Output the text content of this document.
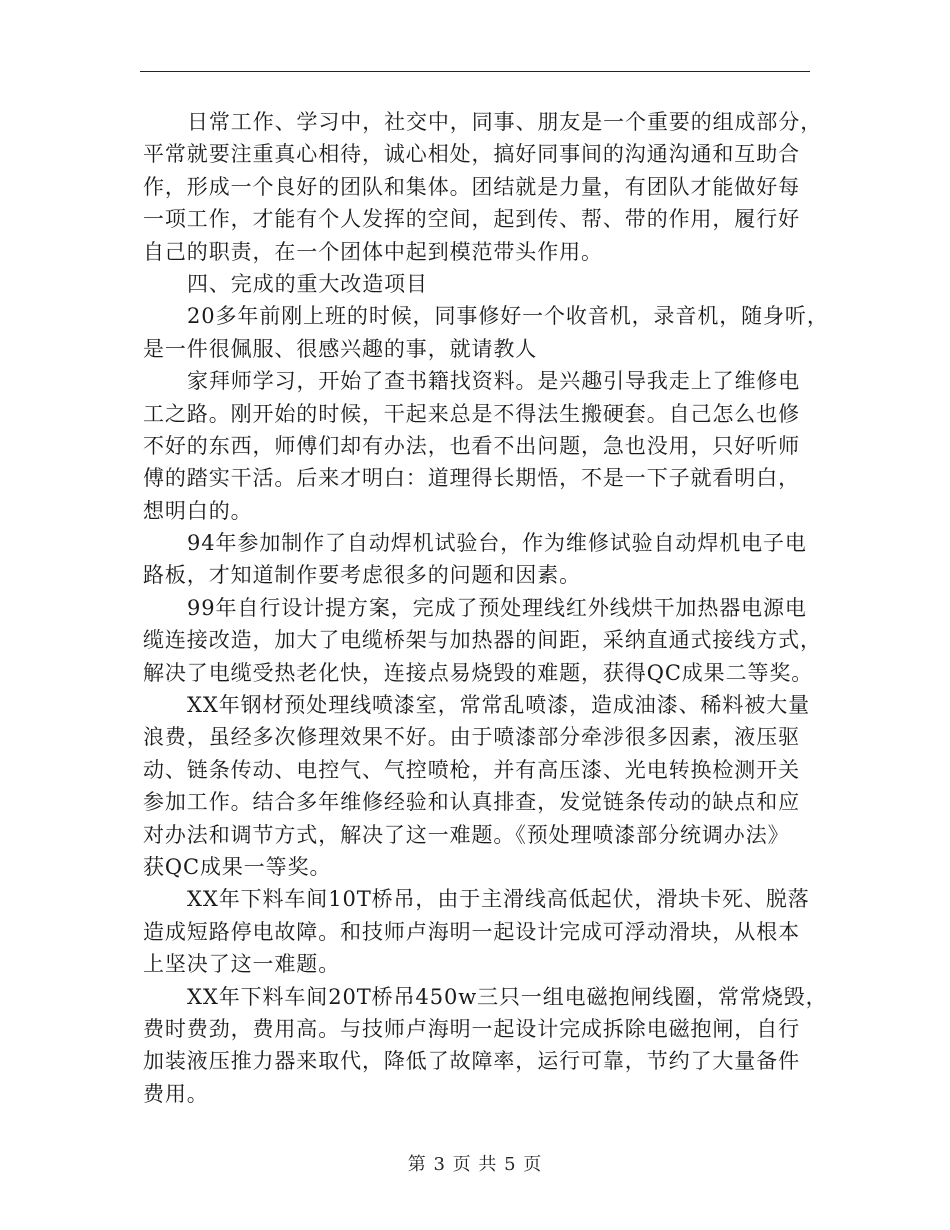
日常工作、学习中，社交中，同事、朋友是一个重要的组成部分，
平常就要注重真心相待，诚心相处，搞好同事间的沟通沟通和互助合
作，形成一个良好的团队和集体。团结就是力量，有团队才能做好每
一项工作，才能有个人发挥的空间，起到传、帮、带的作用，履行好
自己的职责，在一个团体中起到模范带头作用。
四、完成的重大改造项目
20多年前刚上班的时候，同事修好一个收音机，录音机，随身听，
是一件很佩服、很感兴趣的事，就请教人
家拜师学习，开始了查书籍找资料。是兴趣引导我走上了维修电
工之路。刚开始的时候，干起来总是不得法生搬硬套。自己怎么也修
不好的东西，师傅们却有办法，也看不出问题，急也没用，只好听师
傅的踏实干活。后来才明白：道理得长期悟，不是一下子就看明白，
想明白的。
94年参加制作了自动焊机试验台，作为维修试验自动焊机电子电
路板，才知道制作要考虑很多的问题和因素。
99年自行设计提方案，完成了预处理线红外线烘干加热器电源电
缆连接改造，加大了电缆桥架与加热器的间距，采纳直通式接线方式，
解决了电缆受热老化快，连接点易烧毁的难题，获得QC成果二等奖。
XX年钢材预处理线喷漆室，常常乱喷漆，造成油漆、稀料被大量
浪费，虽经多次修理效果不好。由于喷漆部分牵涉很多因素，液压驱
动、链条传动、电控气、气控喷枪，并有高压漆、光电转换检测开关
参加工作。结合多年维修经验和认真排查，发觉链条传动的缺点和应
对办法和调节方式，解决了这一难题。《预处理喷漆部分统调办法》
获QC成果一等奖。
XX年下料车间10T桥吊，由于主滑线高低起伏，滑块卡死、脱落
造成短路停电故障。和技师卢海明一起设计完成可浮动滑块，从根本
上坚决了这一难题。
XX年下料车间20T桥吊450w三只一组电磁抱闸线圈，常常烧毁，
费时费劲，费用高。与技师卢海明一起设计完成拆除电磁抱闸，自行
加装液压推力器来取代，降低了故障率，运行可靠，节约了大量备件
费用。
第 3 页 共 5 页
